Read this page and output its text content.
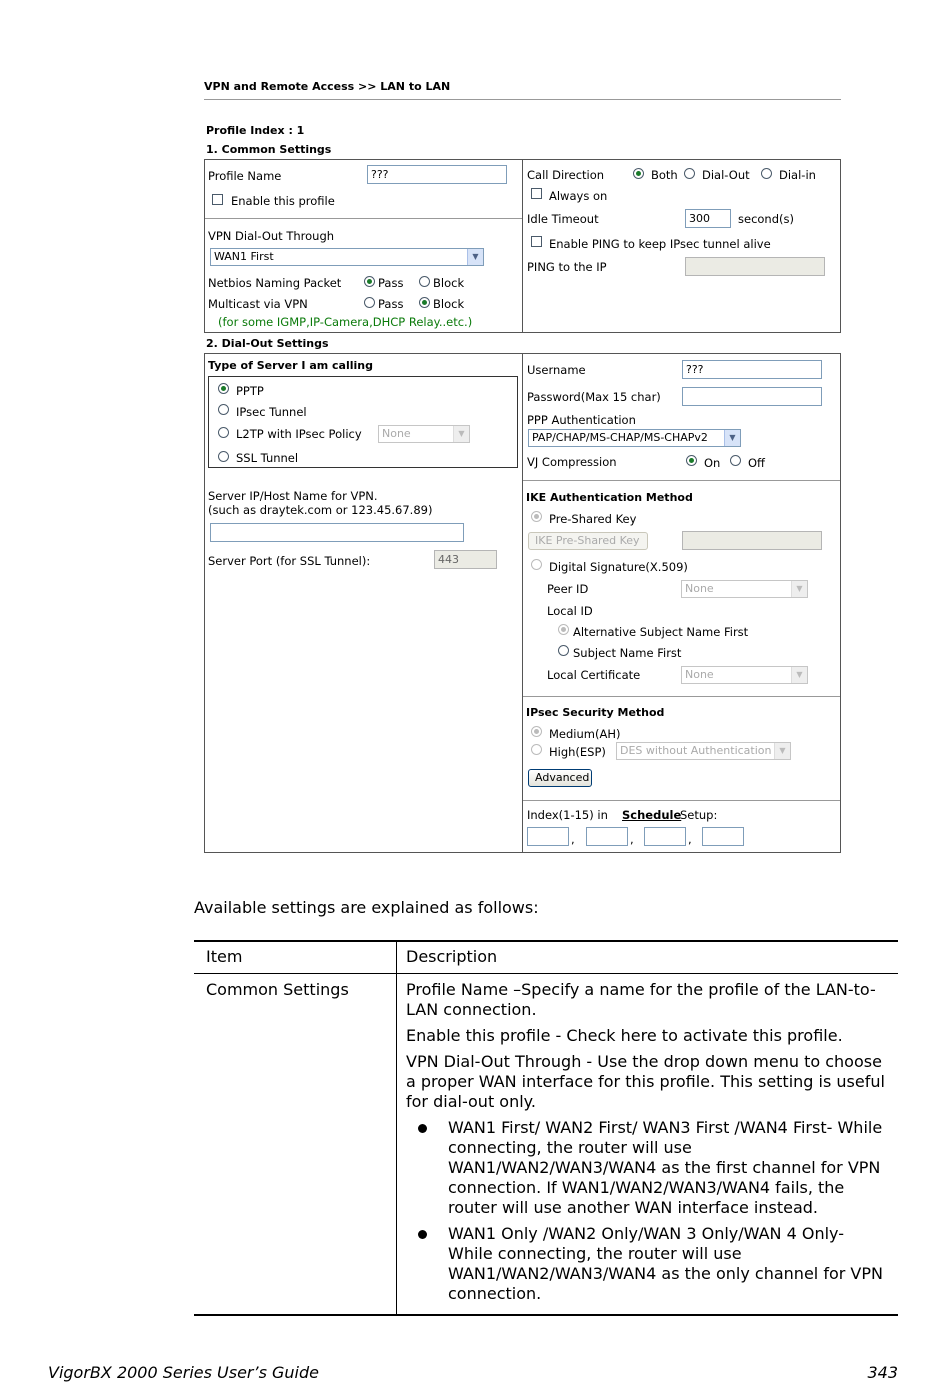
VPN and Remote Access >> LAN to LAN
Profile Index : 1
1. Common Settings
Profile Name	???
Enable this profile
VPN Dial-Out Through
WAN1 First	▼
Netbios Naming Packet	Pass	Block
Multicast via VPN	Pass	Block
(for some IGMP,IP-Camera,DHCP Relay..etc.)
Call Direction	Both Dial-Out	Dial-in
Always on
Idle Timeout	300	second(s)
Enable PING to keep IPsec tunnel alive
PING to the IP
2. Dial-Out Settings
Type of Server I am calling
PPTP
IPsec Tunnel
L2TP with IPsec Policy	None	▼
SSL Tunnel
Server IP/Host Name for VPN.
(such as draytek.com or 123.45.67.89)
Server Port (for SSL Tunnel):	443
Username	???
Password(Max 15 char)
PPP Authentication
PAP/CHAP/MS-CHAP/MS-CHAPv2	▼
VJ Compression	On Off
IKE Authentication Method
Pre-Shared Key
IKE Pre-Shared Key
Digital Signature(X.509)
Peer ID	None	▼
Local ID
Alternative Subject Name First
Subject Name First
Local Certificate	None	▼
IPsec Security Method
Medium(AH)
High(ESP)	DES without Authentication ▼
Advanced
Index(1-15) in Schedule
Setup:
,	,	,
Available settings are explained as follows:
Item	Description
Common Settings	Profile Name –Specify a name for the profile of the LAN-to-LAN connection.
Enable this profile - Check here to activate this profile.
VPN Dial-Out Through - Use the drop down menu to choose a proper WAN interface for this profile. This setting is useful for dial-out only.
WAN1 First/ WAN2 First/ WAN3 First /WAN4 First- While connecting, the router will use WAN1/WAN2/WAN3/WAN4 as the first channel for VPN connection. If WAN1/WAN2/WAN3/WAN4 fails, the router will use another WAN interface instead.
WAN1 Only /WAN2 Only/WAN 3 Only/WAN 4 Only- While connecting, the router will use WAN1/WAN2/WAN3/WAN4 as the only channel for VPN connection.
VigorBX 2000 Series User’s Guide	343
